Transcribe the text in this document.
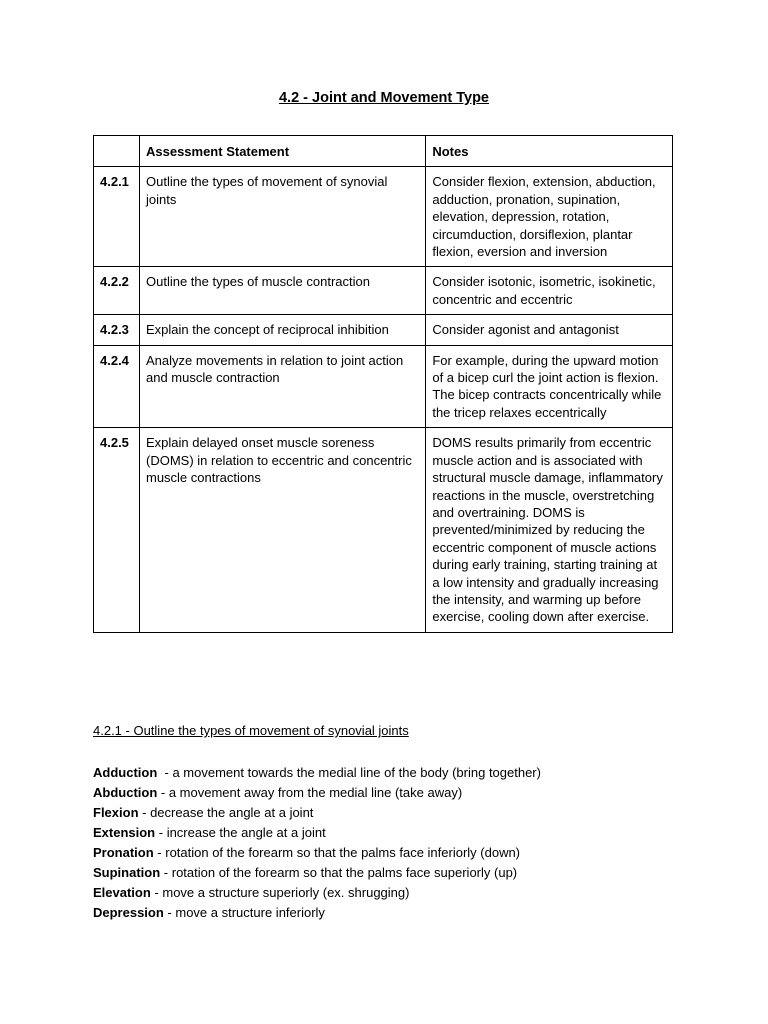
4.2 - Joint and Movement Type
	Assessment Statement	Notes
4.2.1	Outline the types of movement of synovial joints	Consider flexion, extension, abduction, adduction, pronation, supination, elevation, depression, rotation, circumduction, dorsiflexion, plantar flexion, eversion and inversion
4.2.2	Outline the types of muscle contraction	Consider isotonic, isometric, isokinetic, concentric and eccentric
4.2.3	Explain the concept of reciprocal inhibition	Consider agonist and antagonist
4.2.4	Analyze movements in relation to joint action and muscle contraction	For example, during the upward motion of a bicep curl the joint action is flexion. The bicep contracts concentrically while the tricep relaxes eccentrically
4.2.5	Explain delayed onset muscle soreness (DOMS) in relation to eccentric and concentric muscle contractions	DOMS results primarily from eccentric muscle action and is associated with structural muscle damage, inflammatory reactions in the muscle, overstretching and overtraining. DOMS is prevented/minimized by reducing the eccentric component of muscle actions during early training, starting training at a low intensity and gradually increasing the intensity, and warming up before exercise, cooling down after exercise.
4.2.1 - Outline the types of movement of synovial joints
Adduction  - a movement towards the medial line of the body (bring together)
Abduction - a movement away from the medial line (take away)
Flexion - decrease the angle at a joint
Extension - increase the angle at a joint
Pronation - rotation of the forearm so that the palms face inferiorly (down)
Supination - rotation of the forearm so that the palms face superiorly (up)
Elevation - move a structure superiorly (ex. shrugging)
Depression - move a structure inferiorly
